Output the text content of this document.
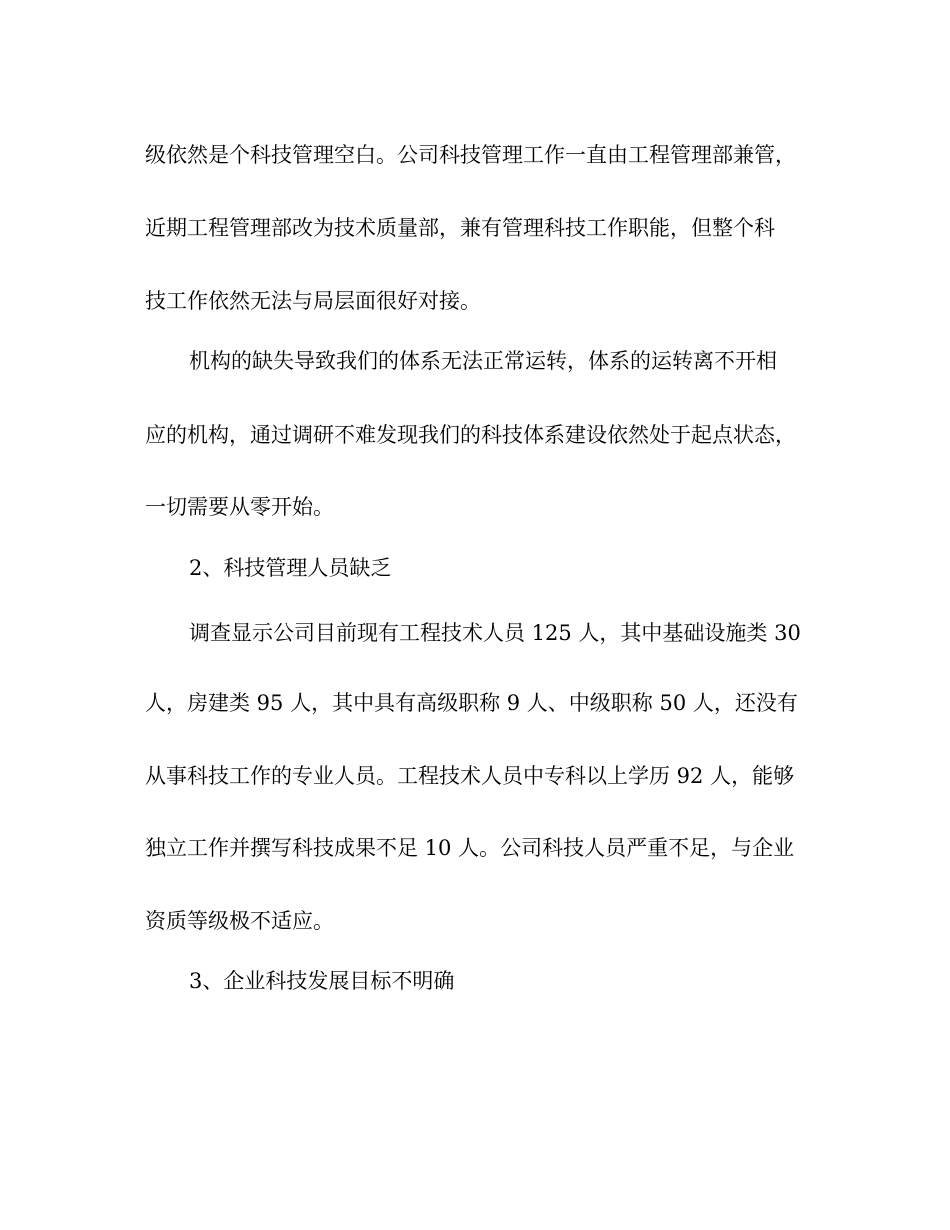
级依然是个科技管理空白。公司科技管理工作一直由工程管理部兼管，
近期工程管理部改为技术质量部，兼有管理科技工作职能，但整个科
技工作依然无法与局层面很好对接。
机构的缺失导致我们的体系无法正常运转，体系的运转离不开相
应的机构，通过调研不难发现我们的科技体系建设依然处于起点状态，
一切需要从零开始。
2、科技管理人员缺乏
调查显示公司目前现有工程技术人员 125 人，其中基础设施类 30
人，房建类 95 人，其中具有高级职称 9 人、中级职称 50 人，还没有
从事科技工作的专业人员。工程技术人员中专科以上学历 92 人，能够
独立工作并撰写科技成果不足 10 人。公司科技人员严重不足，与企业
资质等级极不适应。
3、企业科技发展目标不明确
